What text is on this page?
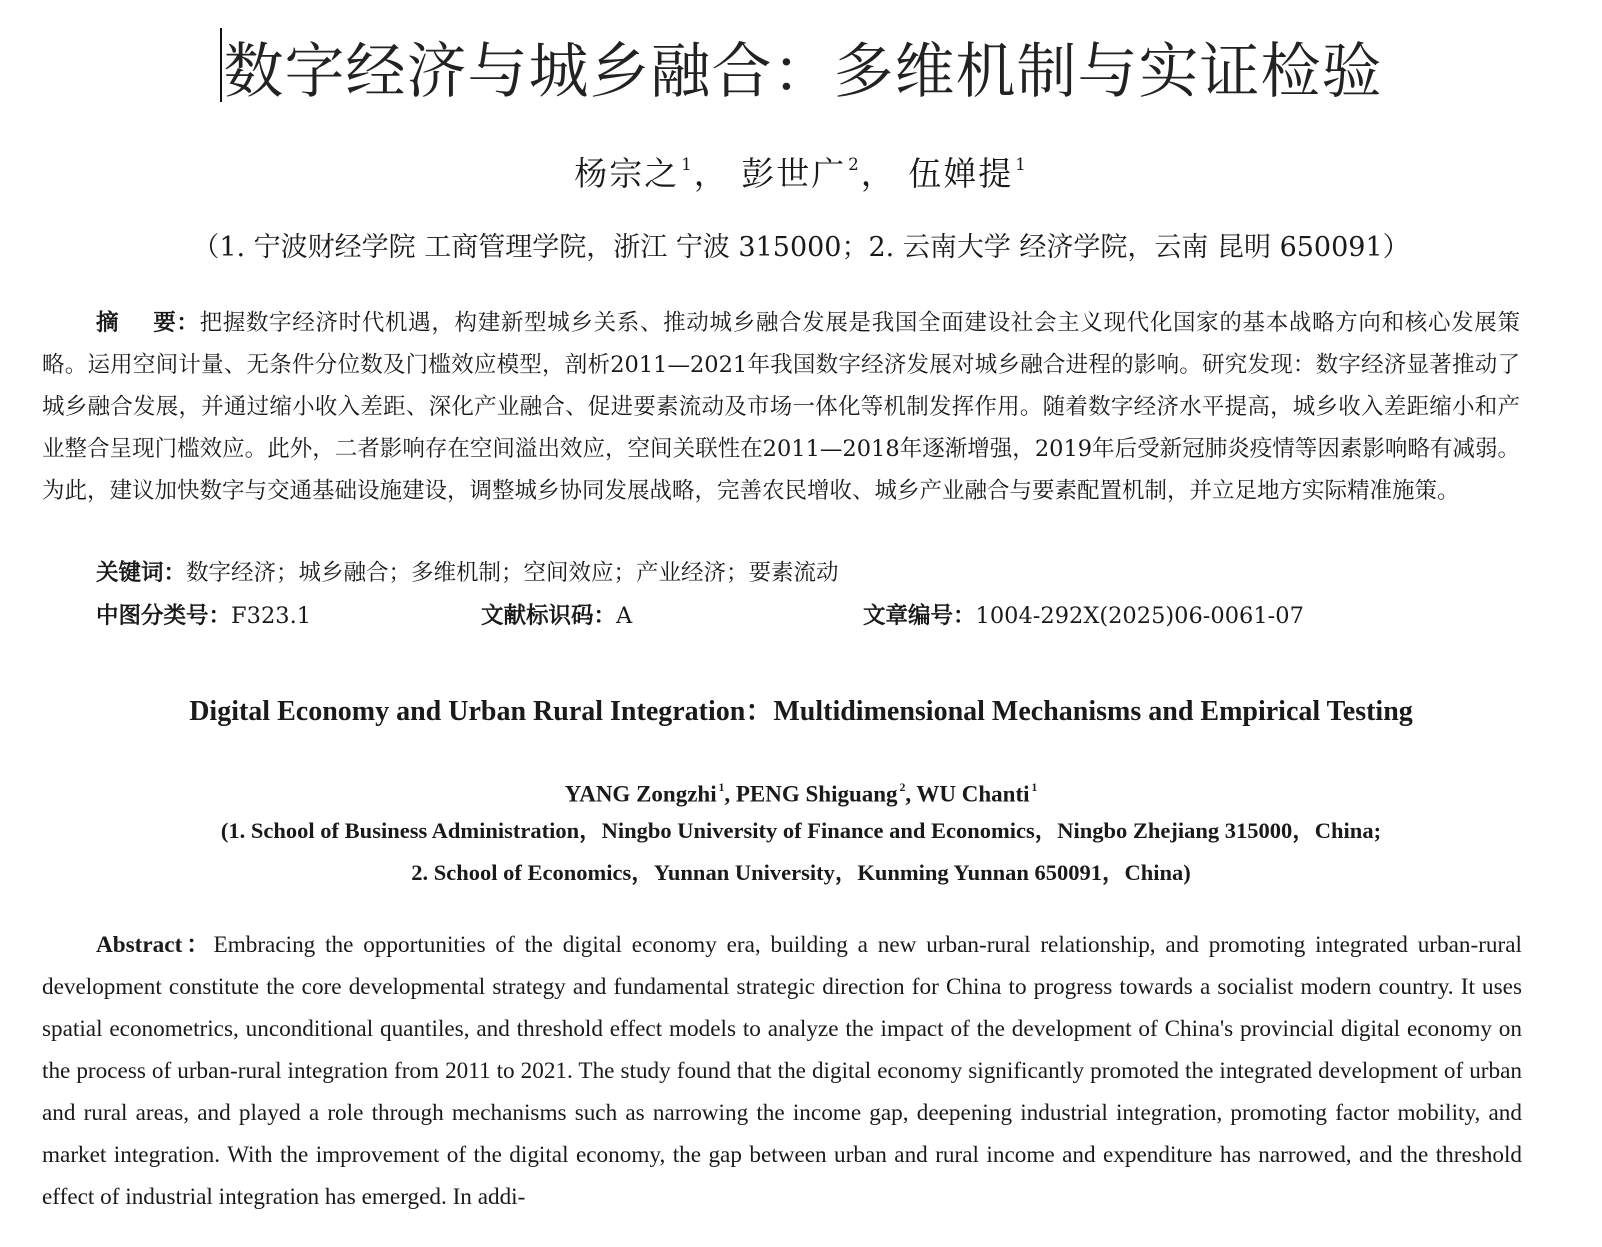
数字经济与城乡融合：多维机制与实证检验
杨宗之 $^1$， 彭世广 $^2$， 伍婵提 $^1$
（1. 宁波财经学院 工商管理学院，浙江 宁波 315000；2. 云南大学 经济学院，云南 昆明 650091）
摘    要：把握数字经济时代机遇，构建新型城乡关系、推动城乡融合发展是我国全面建设社会主义现代化国家的基本战略方向和核心发展策略。运用空间计量、无条件分位数及门槛效应模型，剖析2011—2021年我国数字经济发展对城乡融合进程的影响。研究发现：数字经济显著推动了城乡融合发展，并通过缩小收入差距、深化产业融合、促进要素流动及市场一体化等机制发挥作用。随着数字经济水平提高，城乡收入差距缩小和产业整合呈现门槛效应。此外，二者影响存在空间溢出效应，空间关联性在2011—2018年逐渐增强，2019年后受新冠肺炎疫情等因素影响略有减弱。为此，建议加快数字与交通基础设施建设，调整城乡协同发展战略，完善农民增收、城乡产业融合与要素配置机制，并立足地方实际精准施策。
关键词：数字经济；城乡融合；多维机制；空间效应；产业经济；要素流动
中图分类号：F323.1	文献标识码：A	文章编号：1004-292X(2025)06-0061-07
Digital Economy and Urban Rural Integration：Multidimensional Mechanisms and Empirical Testing
YANG Zongzhi $^1$, PENG Shiguang $^2$, WU Chanti $^1$
(1. School of Business Administration，Ningbo University of Finance and Economics，Ningbo Zhejiang 315000，China;
2. School of Economics，Yunnan University，Kunming Yunnan 650091，China)
Abstract：Embracing the opportunities of the digital economy era, building a new urban-rural relationship, and promoting integrated urban-rural development constitute the core developmental strategy and fundamental strategic direction for China to progress towards a socialist modern country. It uses spatial econometrics, unconditional quantiles, and threshold effect models to analyze the impact of the development of China's provincial digital economy on the process of urban-rural integration from 2011 to 2021. The study found that the digital economy significantly promoted the integrated development of urban and rural areas, and played a role through mechanisms such as narrowing the income gap, deepening industrial integration, promoting factor mobility, and market integration. With the improvement of the digital economy, the gap between urban and rural income and expenditure has narrowed, and the threshold effect of industrial integration has emerged. In addi-
